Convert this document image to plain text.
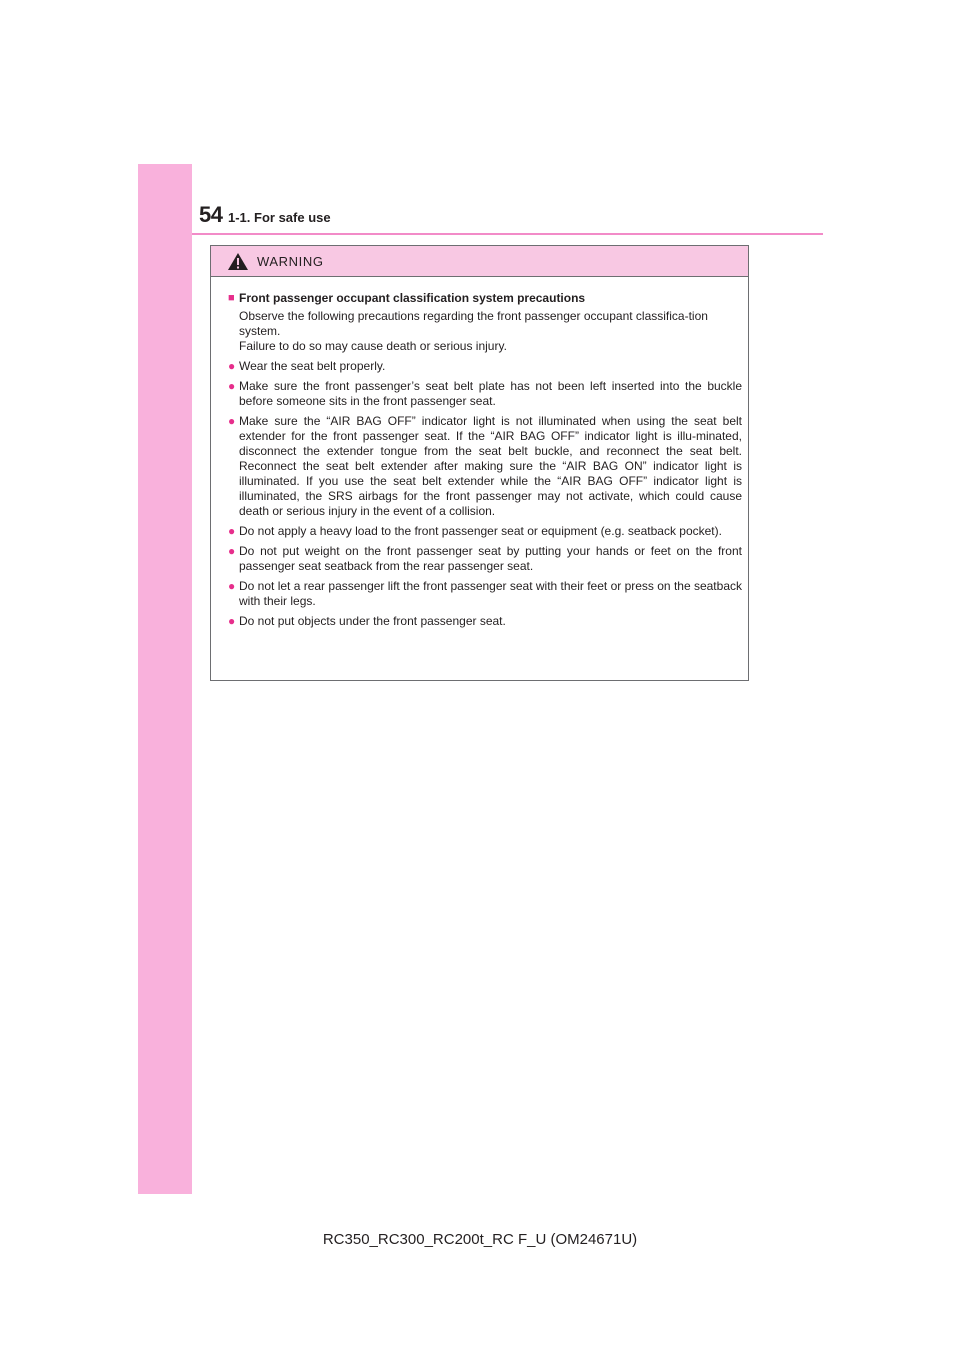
54 1-1. For safe use
WARNING
■ Front passenger occupant classification system precautions

Observe the following precautions regarding the front passenger occupant classifica-tion system.

Failure to do so may cause death or serious injury.

● Wear the seat belt properly.
● Make sure the front passenger’s seat belt plate has not been left inserted into the buckle before someone sits in the front passenger seat.
● Make sure the “AIR BAG OFF” indicator light is not illuminated when using the seat belt extender for the front passenger seat. If the “AIR BAG OFF” indicator light is illu-minated, disconnect the extender tongue from the seat belt buckle, and reconnect the seat belt. Reconnect the seat belt extender after making sure the “AIR BAG ON” indicator light is illuminated. If you use the seat belt extender while the “AIR BAG OFF” indicator light is illuminated, the SRS airbags for the front passenger may not activate, which could cause death or serious injury in the event of a collision.
● Do not apply a heavy load to the front passenger seat or equipment (e.g. seatback pocket).
● Do not put weight on the front passenger seat by putting your hands or feet on the front passenger seat seatback from the rear passenger seat.
● Do not let a rear passenger lift the front passenger seat with their feet or press on the seatback with their legs.
● Do not put objects under the front passenger seat.
RC350_RC300_RC200t_RC F_U (OM24671U)
